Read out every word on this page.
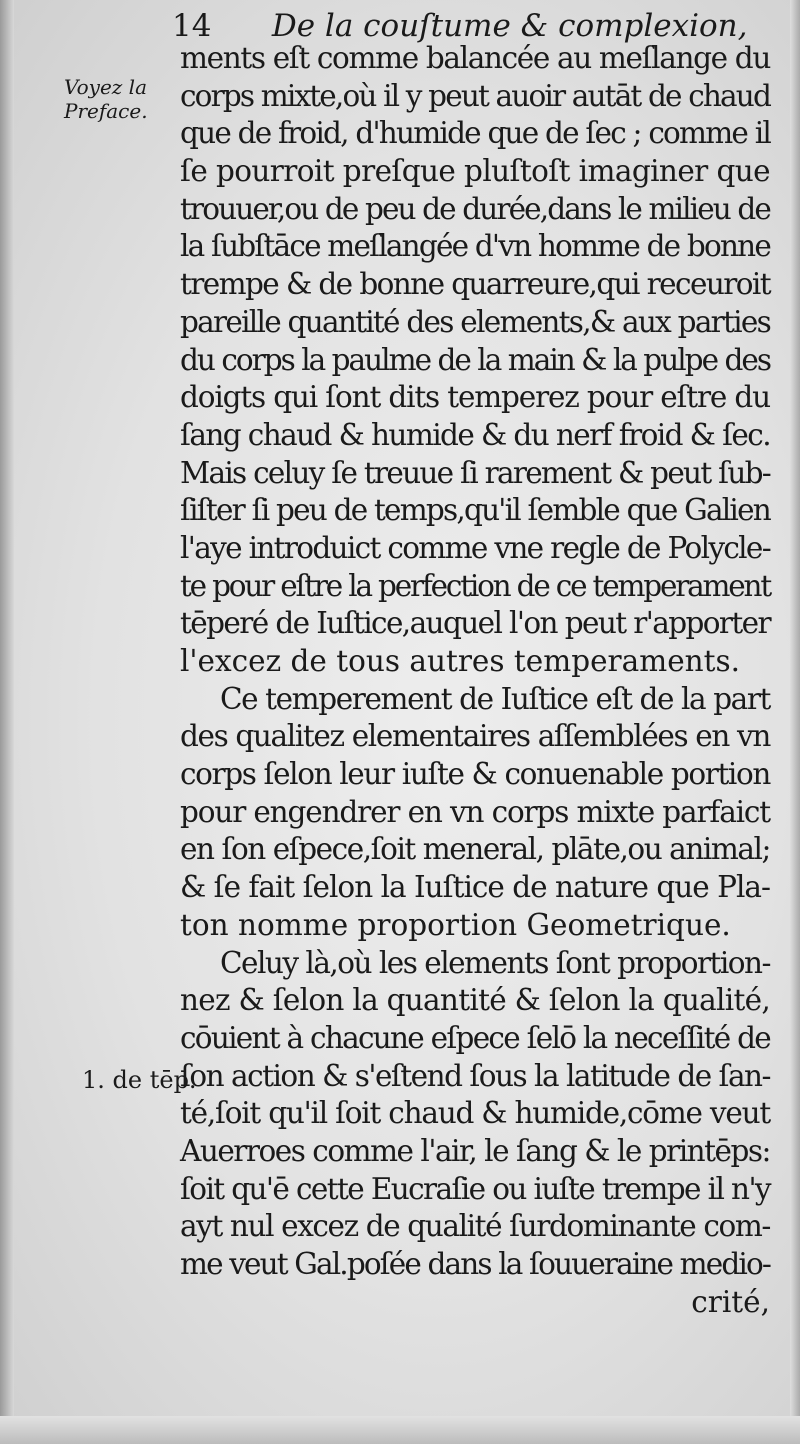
14 De la couſtume & complexion,
Voyez la
Preface.
1. de tēp.
ments eſt comme balancée au meſlange du
corps mixte,où il y peut auoir autāt de chaud
que de froid, d'humide que de ſec ; comme il
ſe pourroit preſque pluſtoſt imaginer que
trouuer,ou de peu de durée,dans le milieu de
la ſubſtāce meſlangée d'vn homme de bonne
trempe & de bonne quarreure,qui receuroit
pareille quantité des elements,& aux parties
du corps la paulme de la main & la pulpe des
doigts qui ſont dits temperez pour eſtre du
ſang chaud & humide & du nerf froid & ſec.
Mais celuy ſe treuue ſi rarement & peut ſub-
ſiſter ſi peu de temps,qu'il ſemble que Galien
l'aye introduict comme vne regle de Polycle-
te pour eſtre la perfection de ce temperament
tēperé de Iuſtice,auquel l'on peut r'apporter
l'excez de tous autres temperaments.
Ce temperement de Iuſtice eſt de la part
des qualitez elementaires aſſemblées en vn
corps ſelon leur iuſte & conuenable portion
pour engendrer en vn corps mixte parfaict
en ſon eſpece,ſoit meneral, plāte,ou animal;
& ſe fait ſelon la Iuſtice de nature que Pla-
ton nomme proportion Geometrique.
Celuy là,où les elements ſont proportion-
nez & ſelon la quantité & ſelon la qualité,
cōuient à chacune eſpece ſelō la neceſſité de
ſon action & s'eſtend ſous la latitude de ſan-
té,ſoit qu'il ſoit chaud & humide,cōme veut
Auerroes comme l'air, le ſang & le printēps:
ſoit qu'ē cette Eucraſie ou iuſte trempe il n'y
ayt nul excez de qualité ſurdominante com-
me veut Gal.poſée dans la ſouueraine medio-
crité,
